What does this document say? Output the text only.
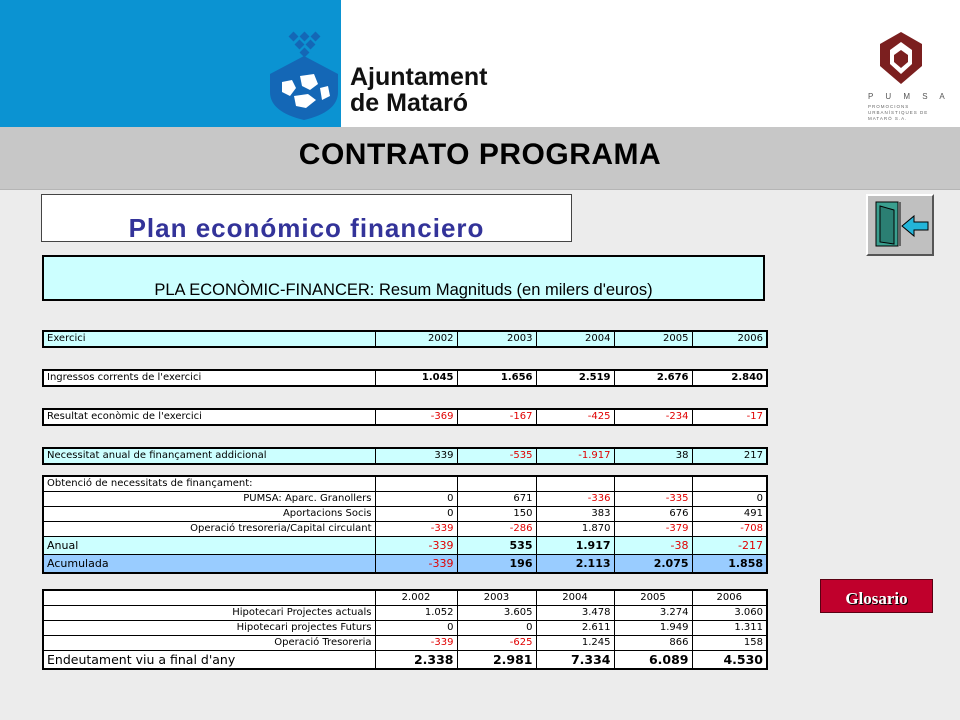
Ajuntament
de Mataró	P U M S A
PROMOCIONS URBANÍSTIQUES DE MATARÓ S.A.
CONTRATO PROGRAMA
Plan económico financiero
PLA ECONÒMIC-FINANCER: Resum Magnituds (en milers d'euros)
Exercici	2002	2003	2004	2005	2006
Ingressos corrents de l'exercici	1.045	1.656	2.519	2.676	2.840
Resultat econòmic de l'exercici	-369	-167	-425	-234	-17
Necessitat anual de finançament addicional	339	-535	-1.917	38	217
Obtenció de necessitats de finançament:					
PUMSA: Aparc. Granollers	0	671	-336	-335	0
Aportacions Socis	0	150	383	676	491
Operació tresoreria/Capital circulant	-339	-286	1.870	-379	-708
Anual	-339	535	1.917	-38	-217
Acumulada	-339	196	2.113	2.075	1.858
	2.002	2003	2004	2005	2006
Hipotecari Projectes actuals	1.052	3.605	3.478	3.274	3.060
Hipotecari projectes Futurs	0	0	2.611	1.949	1.311
Operació Tresoreria	-339	-625	1.245	866	158
Endeutament viu a final d'any	2.338	2.981	7.334	6.089	4.530
Glosario
